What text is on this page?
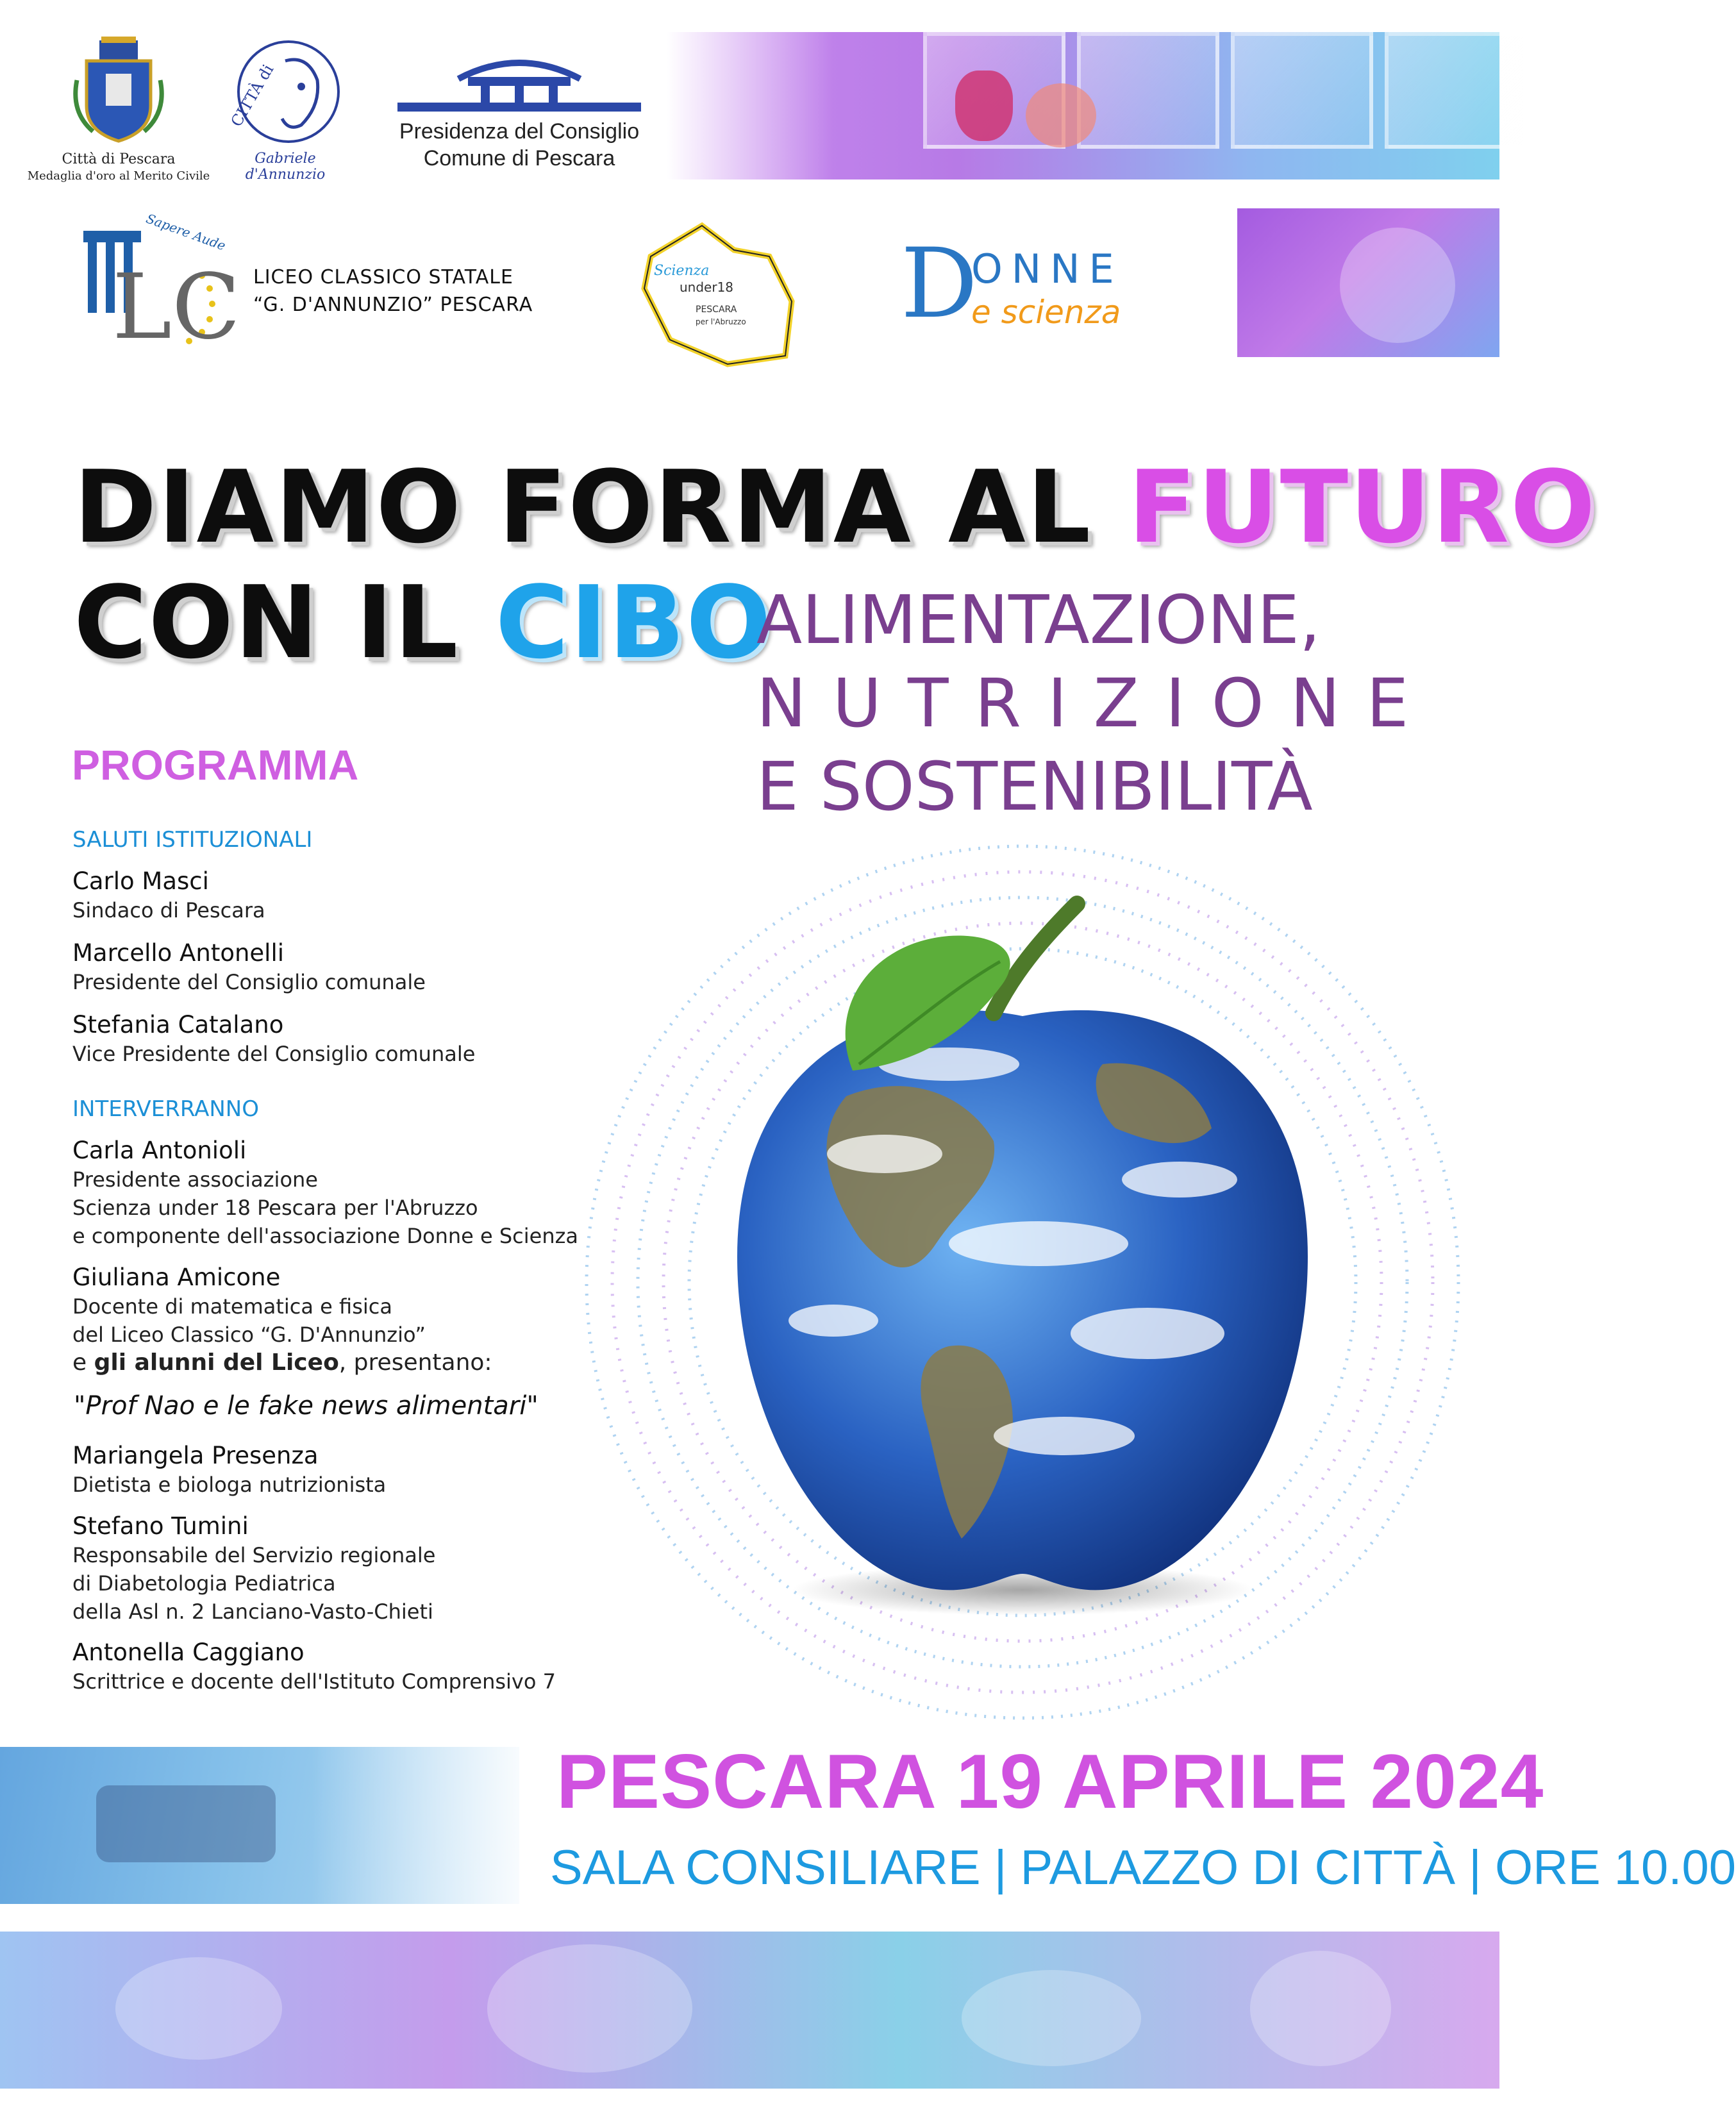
Città di Pescara
Medaglia d'oro al Merito Civile
CITTÀ di
Gabriele d'Annunzio
Presidenza del Consiglio
Comune di Pescara
LC
Sapere Aude
LICEO CLASSICO STATALE
“G. D'ANNUNZIO” PESCARA
Scienza
under18
PESCARA
per l'Abruzzo D
ONNE
e scienza
DIAMO FORMA AL FUTURO
CON IL CIBO
ALIMENTAZIONE,
N U T R I Z I O N E
E SOSTENIBILITÀ
PROGRAMMA
SALUTI ISTITUZIONALI
Carlo Masci
Sindaco di Pescara
Marcello Antonelli
Presidente del Consiglio comunale
Stefania Catalano
Vice Presidente del Consiglio comunale
INTERVERRANNO
Carla Antonioli
Presidente associazione
Scienza under 18 Pescara per l'Abruzzo
e componente dell'associazione Donne e Scienza
Giuliana Amicone
Docente di matematica e fisica
del Liceo Classico “G. D'Annunzio”
e gli alunni del Liceo, presentano:
"Prof Nao e le fake news alimentari"
Mariangela Presenza
Dietista e biologa nutrizionista
Stefano Tumini
Responsabile del Servizio regionale
di Diabetologia Pediatrica
della Asl n. 2 Lanciano-Vasto-Chieti
Antonella Caggiano
Scrittrice e docente dell'Istituto Comprensivo 7
PESCARA 19 APRILE 2024
SALA CONSILIARE | PALAZZO DI CITTÀ | ORE 10.00
